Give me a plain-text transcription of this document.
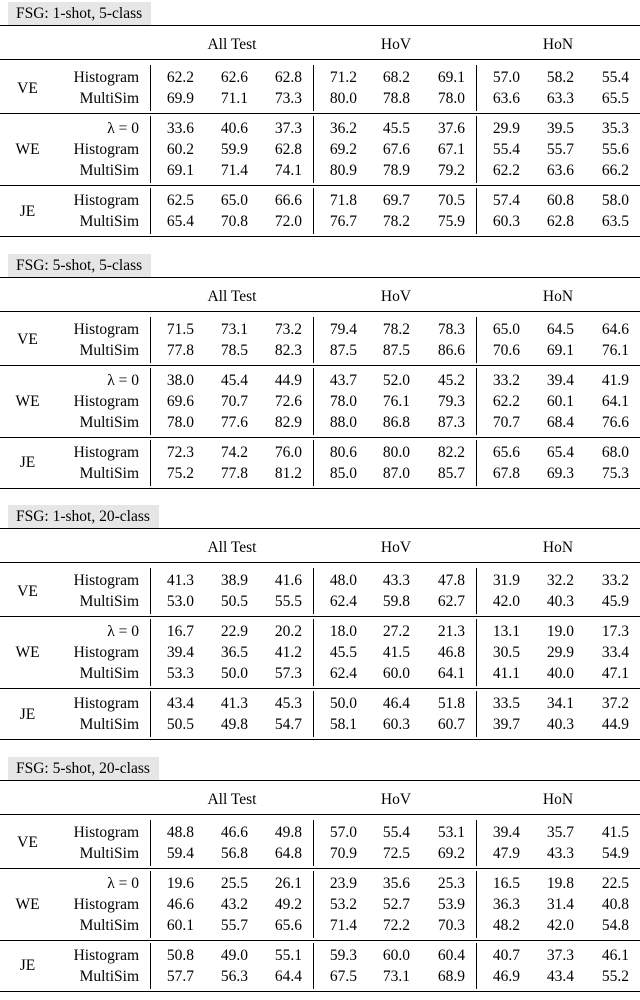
FSG: 1-shot, 5-class
All Test	HoV	HoN
VE
Histogram	62.2	62.6	62.8	71.2	68.2	69.1	57.0	58.2	55.4
MultiSim	69.9	71.1	73.3	80.0	78.8	78.0	63.6	63.3	65.5
WE
λ = 0	33.6	40.6	37.3	36.2	45.5	37.6	29.9	39.5	35.3
Histogram	60.2	59.9	62.8	69.2	67.6	67.1	55.4	55.7	55.6
MultiSim	69.1	71.4	74.1	80.9	78.9	79.2	62.2	63.6	66.2
JE
Histogram	62.5	65.0	66.6	71.8	69.7	70.5	57.4	60.8	58.0
MultiSim	65.4	70.8	72.0	76.7	78.2	75.9	60.3	62.8	63.5
FSG: 5-shot, 5-class
All Test	HoV	HoN
VE
Histogram	71.5	73.1	73.2	79.4	78.2	78.3	65.0	64.5	64.6
MultiSim	77.8	78.5	82.3	87.5	87.5	86.6	70.6	69.1	76.1
WE
λ = 0	38.0	45.4	44.9	43.7	52.0	45.2	33.2	39.4	41.9
Histogram	69.6	70.7	72.6	78.0	76.1	79.3	62.2	60.1	64.1
MultiSim	78.0	77.6	82.9	88.0	86.8	87.3	70.7	68.4	76.6
JE
Histogram	72.3	74.2	76.0	80.6	80.0	82.2	65.6	65.4	68.0
MultiSim	75.2	77.8	81.2	85.0	87.0	85.7	67.8	69.3	75.3
FSG: 1-shot, 20-class
All Test	HoV	HoN
VE
Histogram	41.3	38.9	41.6	48.0	43.3	47.8	31.9	32.2	33.2
MultiSim	53.0	50.5	55.5	62.4	59.8	62.7	42.0	40.3	45.9
WE
λ = 0	16.7	22.9	20.2	18.0	27.2	21.3	13.1	19.0	17.3
Histogram	39.4	36.5	41.2	45.5	41.5	46.8	30.5	29.9	33.4
MultiSim	53.3	50.0	57.3	62.4	60.0	64.1	41.1	40.0	47.1
JE
Histogram	43.4	41.3	45.3	50.0	46.4	51.8	33.5	34.1	37.2
MultiSim	50.5	49.8	54.7	58.1	60.3	60.7	39.7	40.3	44.9
FSG: 5-shot, 20-class
All Test	HoV	HoN
VE
Histogram	48.8	46.6	49.8	57.0	55.4	53.1	39.4	35.7	41.5
MultiSim	59.4	56.8	64.8	70.9	72.5	69.2	47.9	43.3	54.9
WE
λ = 0	19.6	25.5	26.1	23.9	35.6	25.3	16.5	19.8	22.5
Histogram	46.6	43.2	49.2	53.2	52.7	53.9	36.3	31.4	40.8
MultiSim	60.1	55.7	65.6	71.4	72.2	70.3	48.2	42.0	54.8
JE
Histogram	50.8	49.0	55.1	59.3	60.0	60.4	40.7	37.3	46.1
MultiSim	57.7	56.3	64.4	67.5	73.1	68.9	46.9	43.4	55.2
